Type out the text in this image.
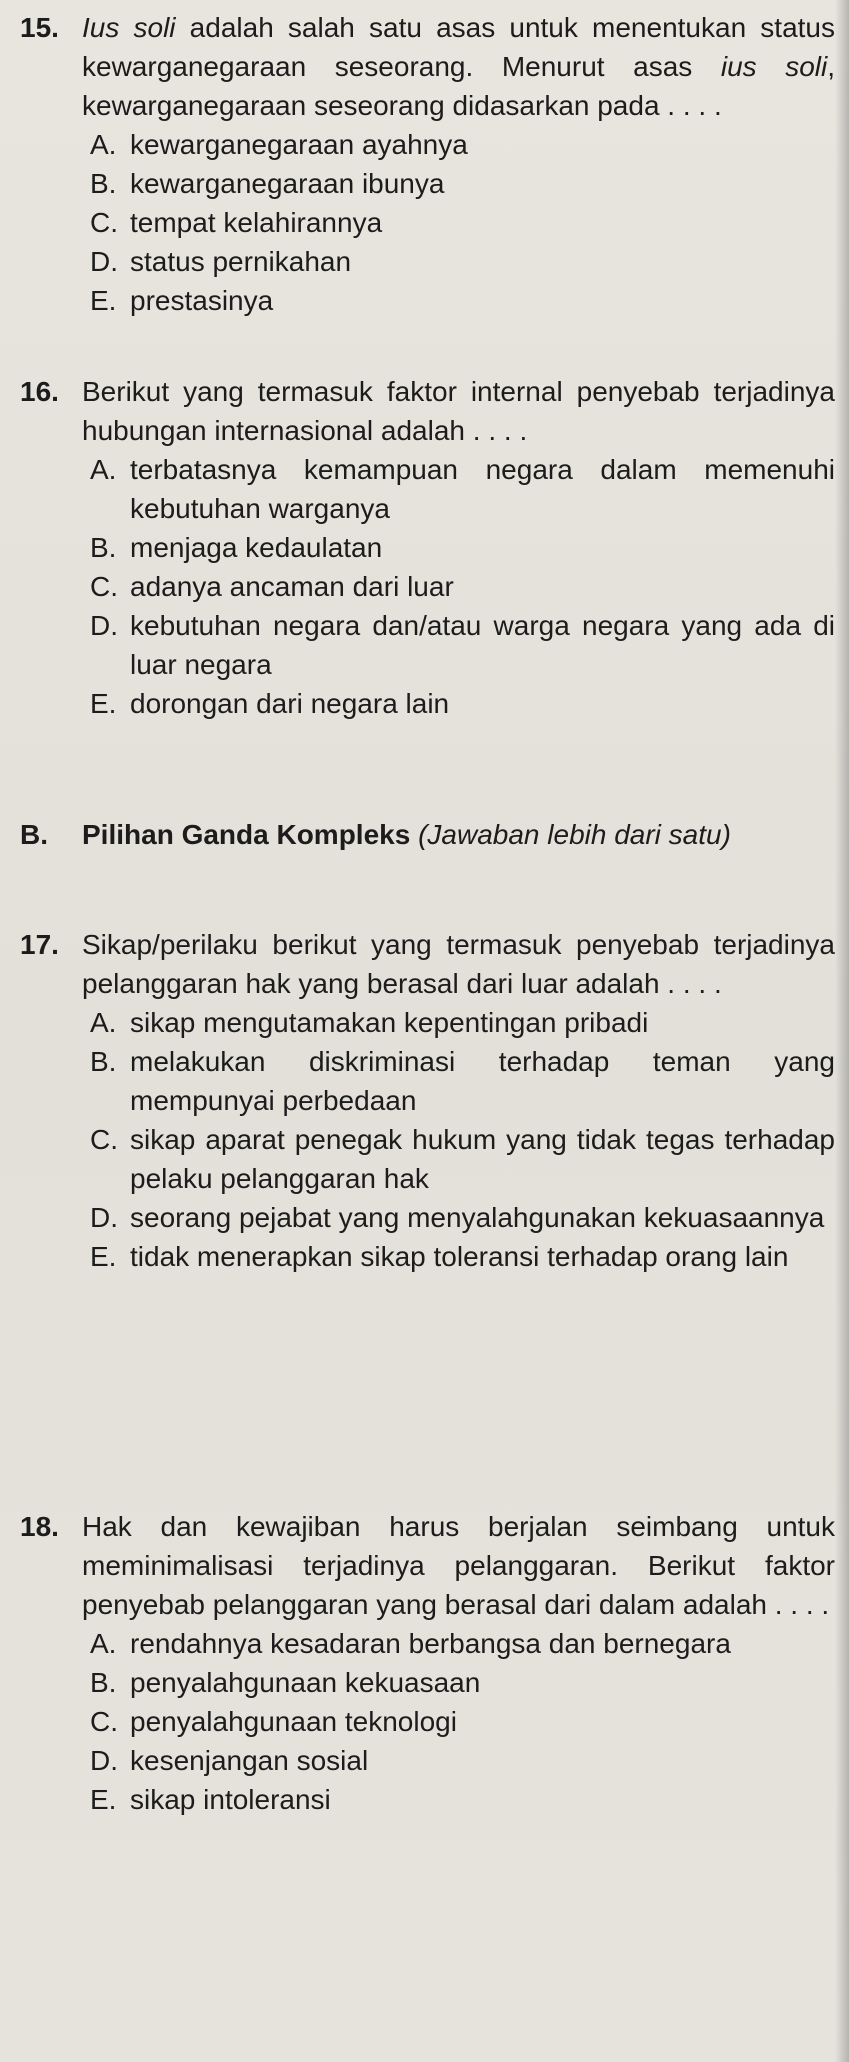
15. Ius soli adalah salah satu asas untuk menentukan status kewarganegaraan seseorang. Menurut asas ius soli, kewarganegaraan seseorang didasarkan pada . . . .
A. kewarganegaraan ayahnya
B. kewarganegaraan ibunya
C. tempat kelahirannya
D. status pernikahan
E. prestasinya
16. Berikut yang termasuk faktor internal penyebab terjadinya hubungan internasional adalah . . . .
A. terbatasnya kemampuan negara dalam memenuhi kebutuhan warganya
B. menjaga kedaulatan
C. adanya ancaman dari luar
D. kebutuhan negara dan/atau warga negara yang ada di luar negara
E. dorongan dari negara lain
B. Pilihan Ganda Kompleks (Jawaban lebih dari satu)
17. Sikap/perilaku berikut yang termasuk penyebab terjadinya pelanggaran hak yang berasal dari luar adalah . . . .
A. sikap mengutamakan kepentingan pribadi
B. melakukan diskriminasi terhadap teman yang mempunyai perbedaan
C. sikap aparat penegak hukum yang tidak tegas terhadap pelaku pelanggaran hak
D. seorang pejabat yang menyalahgunakan kekuasaannya
E. tidak menerapkan sikap toleransi terhadap orang lain
18. Hak dan kewajiban harus berjalan seimbang untuk meminimalisasi terjadinya pelanggaran. Berikut faktor penyebab pelanggaran yang berasal dari dalam adalah . . . .
A. rendahnya kesadaran berbangsa dan bernegara
B. penyalahgunaan kekuasaan
C. penyalahgunaan teknologi
D. kesenjangan sosial
E. sikap intoleransi
